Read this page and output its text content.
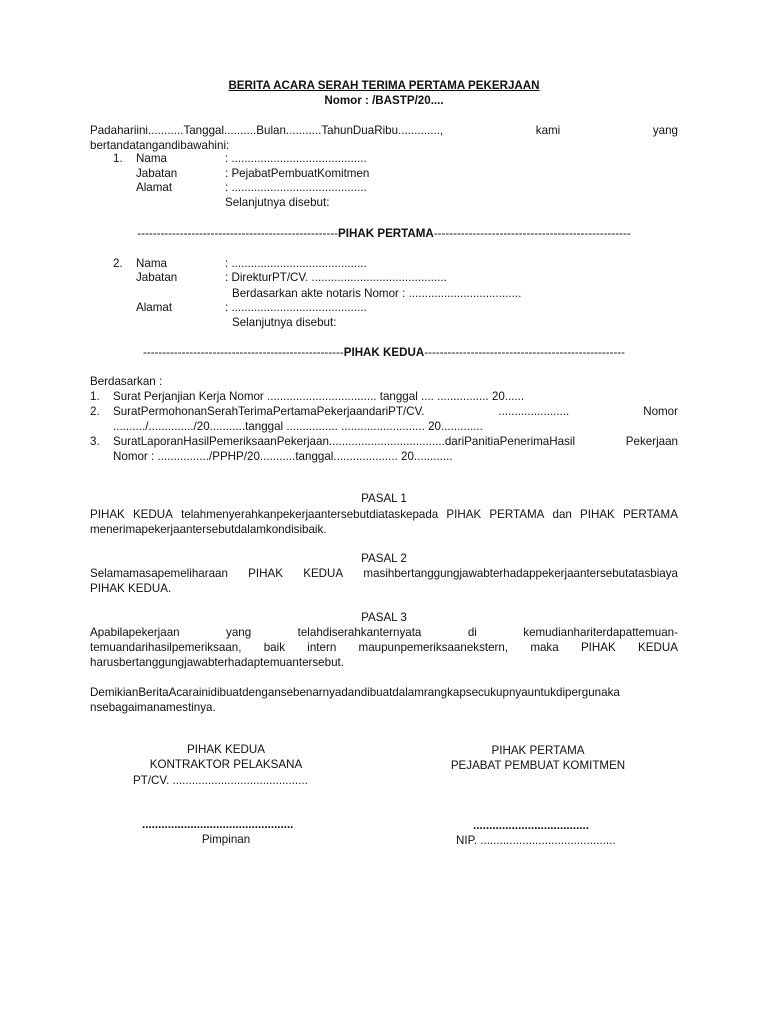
BERITA ACARA SERAH TERIMA PERTAMA PEKERJAAN
Nomor : /BASTP/20....
Padahariini...........Tanggal..........Bulan...........TahunDuaRibu.............,	kami	yang
bertandatangandibawahini:
1. Nama	: ..........................................
Jabatan	: PejabatPembuatKomitmen
Alamat	: ..........................................
Selanjutnya disebut:
----------------------------------------------------PIHAK PERTAMA---------------------------------------------------
2. Nama	: ..........................................
Jabatan	: DirekturPT/CV. ..........................................
Berdasarkan akte notaris Nomor : ...................................
Alamat	: ..........................................
Selanjutnya disebut:
----------------------------------------------------PIHAK KEDUA----------------------------------------------------
Berdasarkan :
1. Surat Perjanjian Kerja Nomor .................................. tanggal .... ................ 20......
2. SuratPermohonanSerahTerimaPertamaPekerjaandariPT/CV.	......................	Nomor
........../............../20...........tanggal ................ .......................... 20.............
3. SuratLaporanHasilPemeriksaanPekerjaan....................................dariPanitiaPenerimaHasil	Pekerjaan
Nomor : ................/PPHP/20...........tanggal.................... 20............
PASAL 1
PIHAK KEDUA telahmenyerahkanpekerjaantersebutdiataskepada PIHAK PERTAMA dan PIHAK PERTAMA
menerimapekerjaantersebutdalamkondisibaik.
PASAL 2
Selamamasapemeliharaan PIHAK KEDUA masihbertanggungjawabterhadappekerjaantersebutatasbiaya
PIHAK KEDUA.
PASAL 3
Apabilapekerjaan	yang	telahdiserahkanternyata	di	kemudianhariterdapattemuan-
temuandarihasilpemeriksaan, baik intern maupunpemeriksaanekstern, maka PIHAK KEDUA
harusbertanggungjawabterhadaptemuantersebut.
DemikianBeritaAcarainidibuatdengansebenarnyadandibuatdalamrangkapsecukupnyauntukdipergunaka
nsebagaimanamestinya.
PIHAK KEDUA
KONTRAKTOR PELAKSANA
PT/CV. ..........................................
...............................................
Pimpinan
PIHAK PERTAMA
PEJABAT PEMBUAT KOMITMEN
....................................
NIP. ..........................................
